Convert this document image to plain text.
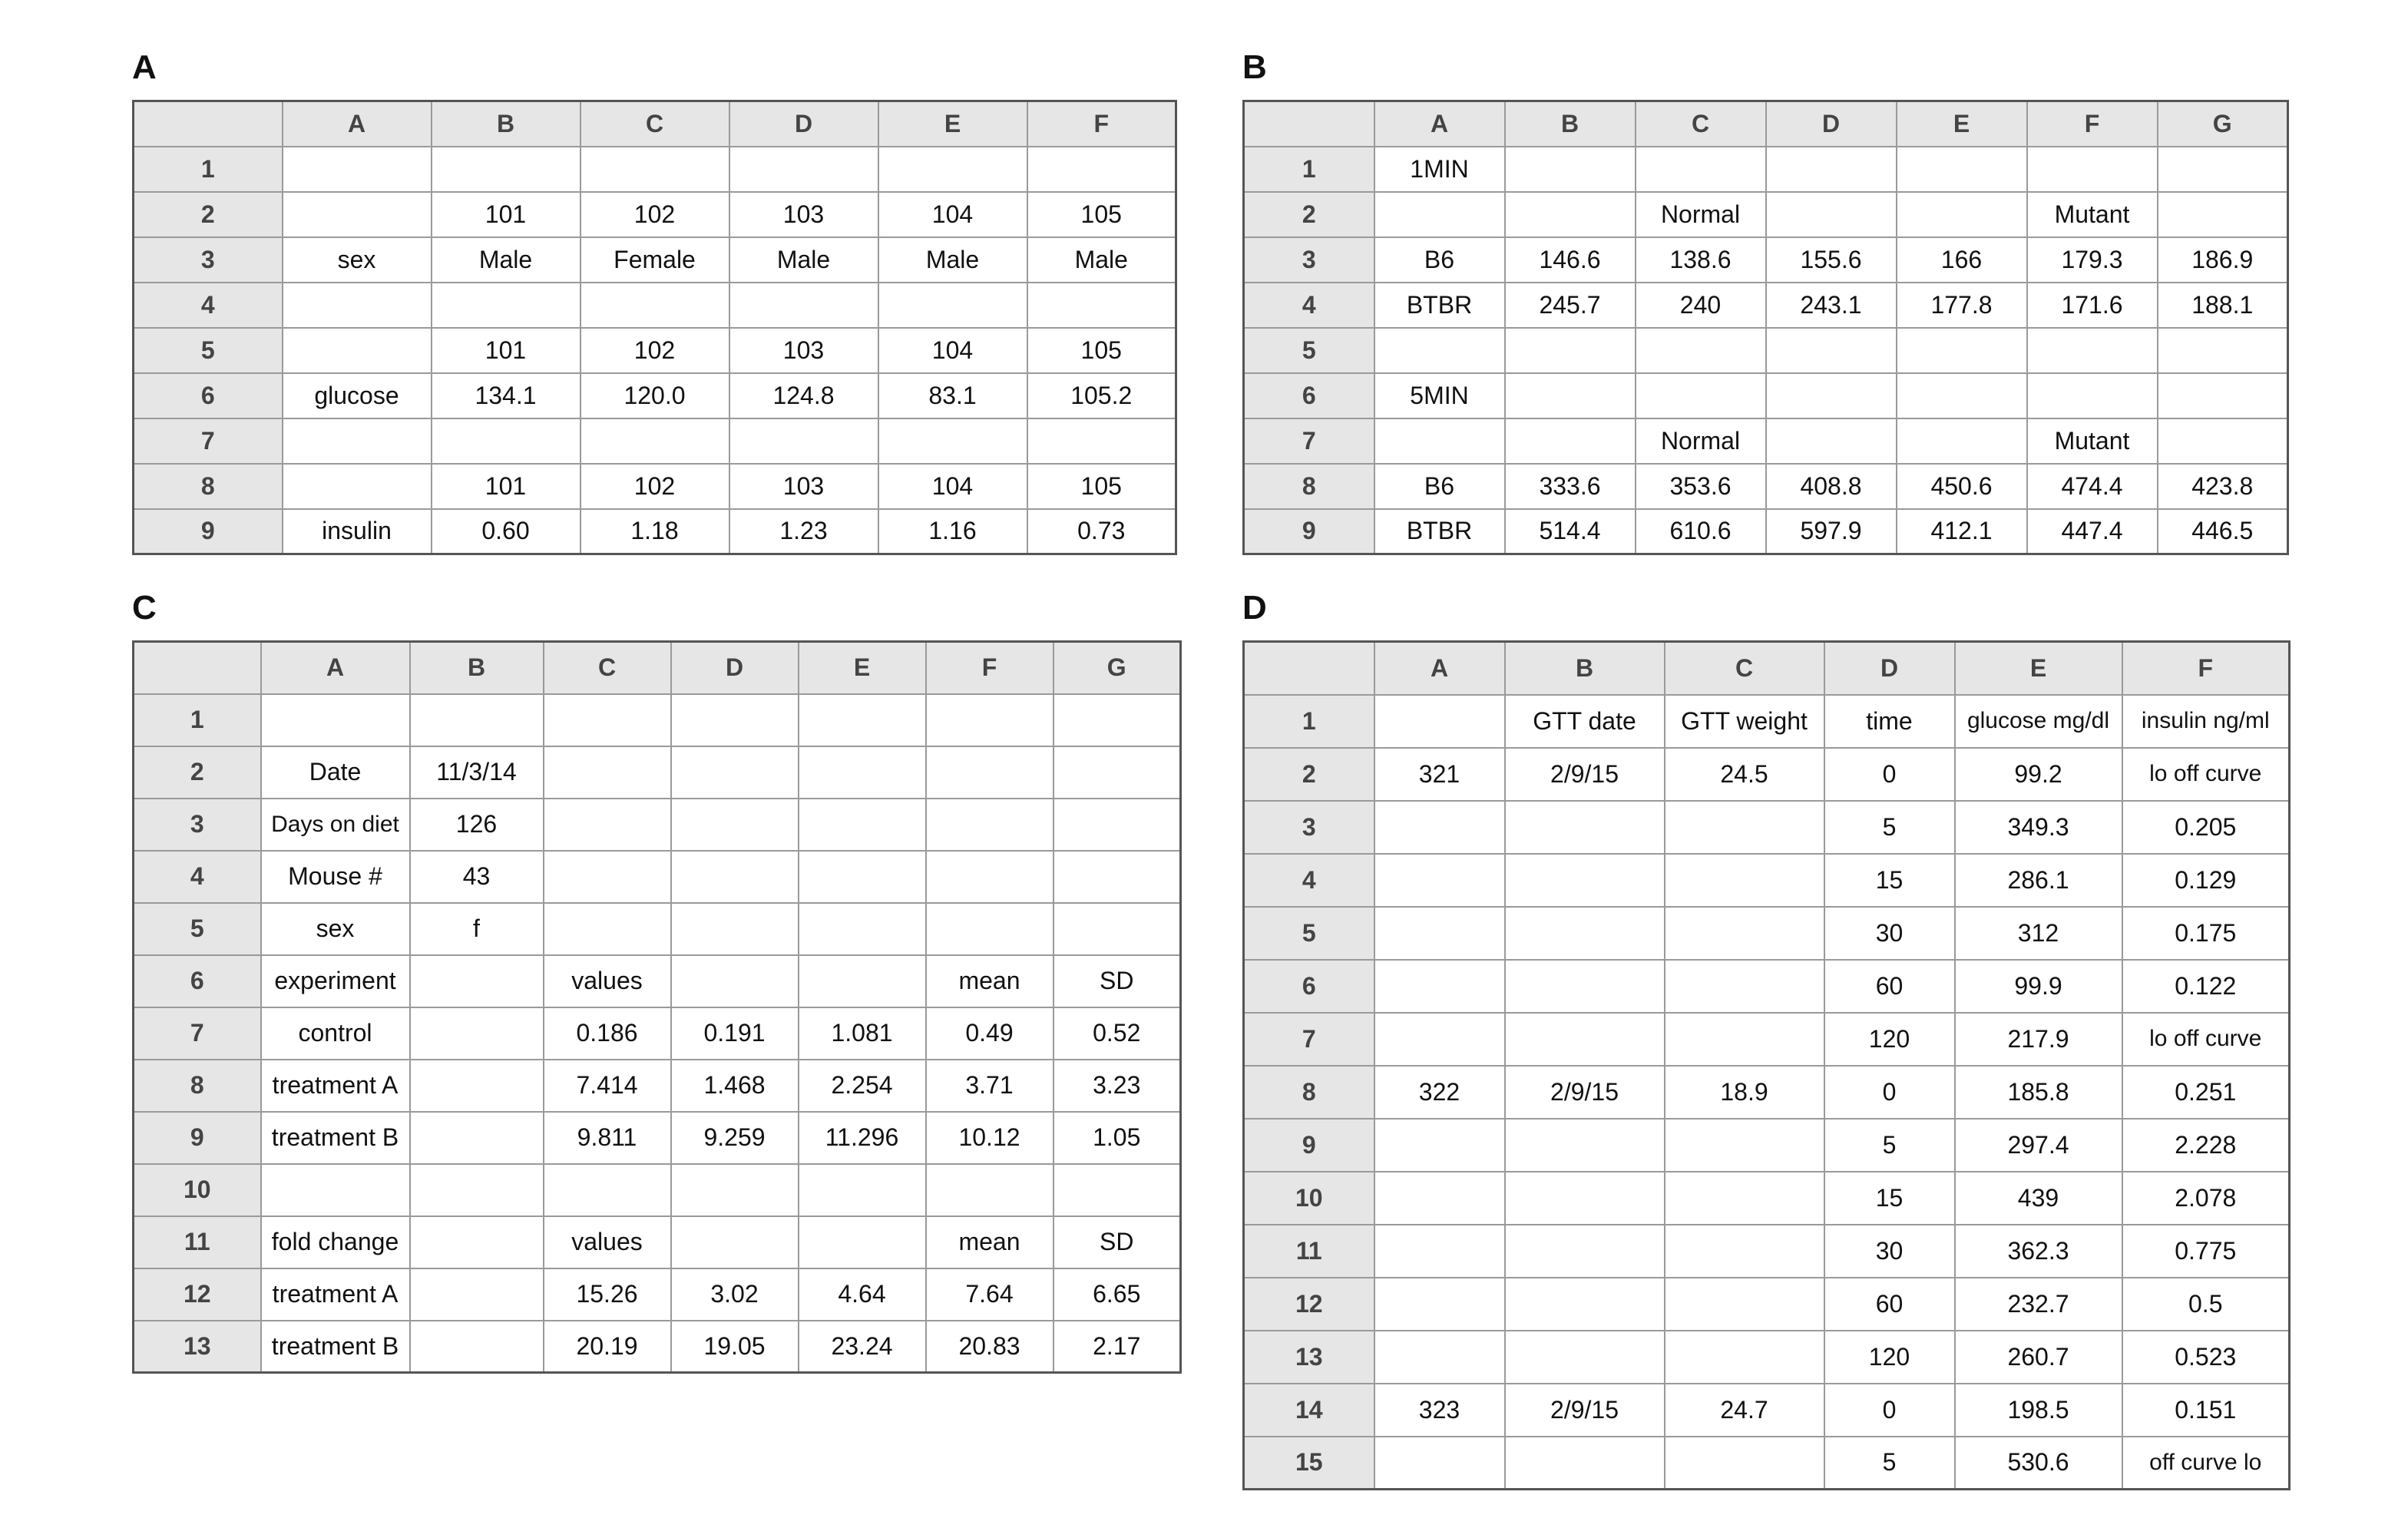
A
	A	B	C	D	E	F
1						
2		101	102	103	104	105
3	sex	Male	Female	Male	Male	Male
4						
5		101	102	103	104	105
6	glucose	134.1	120.0	124.8	83.1	105.2
7						
8		101	102	103	104	105
9	insulin	0.60	1.18	1.23	1.16	0.73
B
	A	B	C	D	E	F	G
1	1MIN						
2			Normal			Mutant	
3	B6	146.6	138.6	155.6	166	179.3	186.9
4	BTBR	245.7	240	243.1	177.8	171.6	188.1
5							
6	5MIN						
7			Normal			Mutant	
8	B6	333.6	353.6	408.8	450.6	474.4	423.8
9	BTBR	514.4	610.6	597.9	412.1	447.4	446.5
C
	A	B	C	D	E	F	G
1							
2	Date	11/3/14					
3	Days on diet	126					
4	Mouse #	43					
5	sex	f					
6	experiment		values			mean	SD
7	control		0.186	0.191	1.081	0.49	0.52
8	treatment A		7.414	1.468	2.254	3.71	3.23
9	treatment B		9.811	9.259	11.296	10.12	1.05
10							
11	fold change		values			mean	SD
12	treatment A		15.26	3.02	4.64	7.64	6.65
13	treatment B		20.19	19.05	23.24	20.83	2.17
D
	A	B	C	D	E	F
1		GTT date	GTT weight	time	glucose mg/dl	insulin ng/ml
2	321	2/9/15	24.5	0	99.2	lo off curve
3				5	349.3	0.205
4				15	286.1	0.129
5				30	312	0.175
6				60	99.9	0.122
7				120	217.9	lo off curve
8	322	2/9/15	18.9	0	185.8	0.251
9				5	297.4	2.228
10				15	439	2.078
11				30	362.3	0.775
12				60	232.7	0.5
13				120	260.7	0.523
14	323	2/9/15	24.7	0	198.5	0.151
15				5	530.6	off curve lo
